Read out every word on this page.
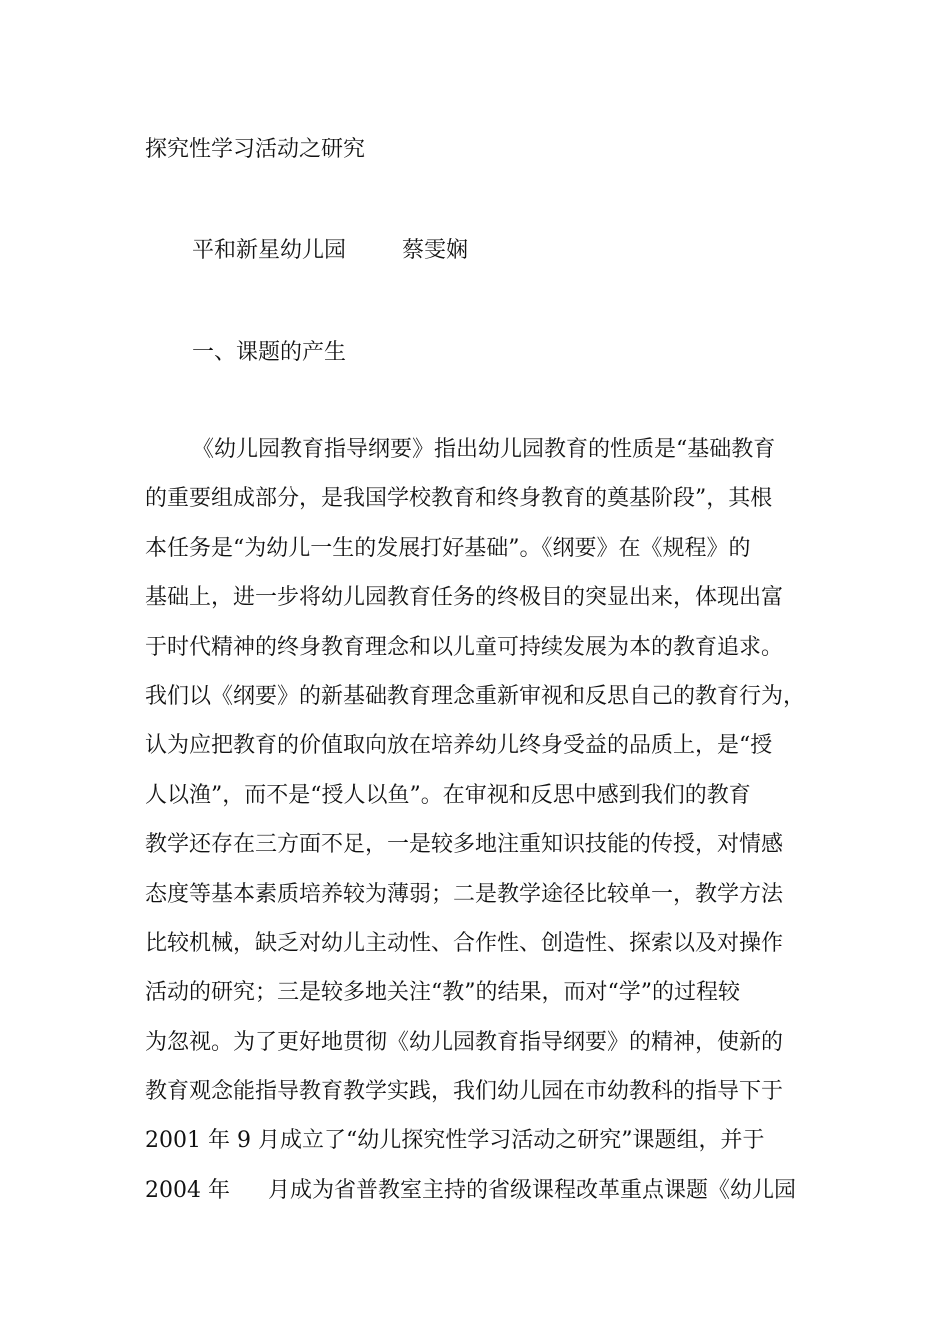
探究性学习活动之研究
平和新星幼儿园	蔡雯娴
一、课题的产生
《幼儿园教育指导纲要》指出幼儿园教育的性质是“基础教育
的重要组成部分，是我国学校教育和终身教育的奠基阶段”，其根
本任务是“为幼儿一生的发展打好基础”。《纲要》在《规程》的
基础上，进一步将幼儿园教育任务的终极目的突显出来，体现出富
于时代精神的终身教育理念和以儿童可持续发展为本的教育追求。
我们以《纲要》的新基础教育理念重新审视和反思自己的教育行为，
认为应把教育的价值取向放在培养幼儿终身受益的品质上，是“授
人以渔”，而不是“授人以鱼”。在审视和反思中感到我们的教育
教学还存在三方面不足，一是较多地注重知识技能的传授，对情感
态度等基本素质培养较为薄弱；二是教学途径比较单一，教学方法
比较机械，缺乏对幼儿主动性、合作性、创造性、探索以及对操作
活动的研究；三是较多地关注“教”的结果，而对“学”的过程较
为忽视。为了更好地贯彻《幼儿园教育指导纲要》的精神，使新的
教育观念能指导教育教学实践，我们幼儿园在市幼教科的指导下于
2001 年 9 月成立了“幼儿探究性学习活动之研究”课题组，并于
2004 年 月成为省普教室主持的省级课程改革重点课题《幼儿园
